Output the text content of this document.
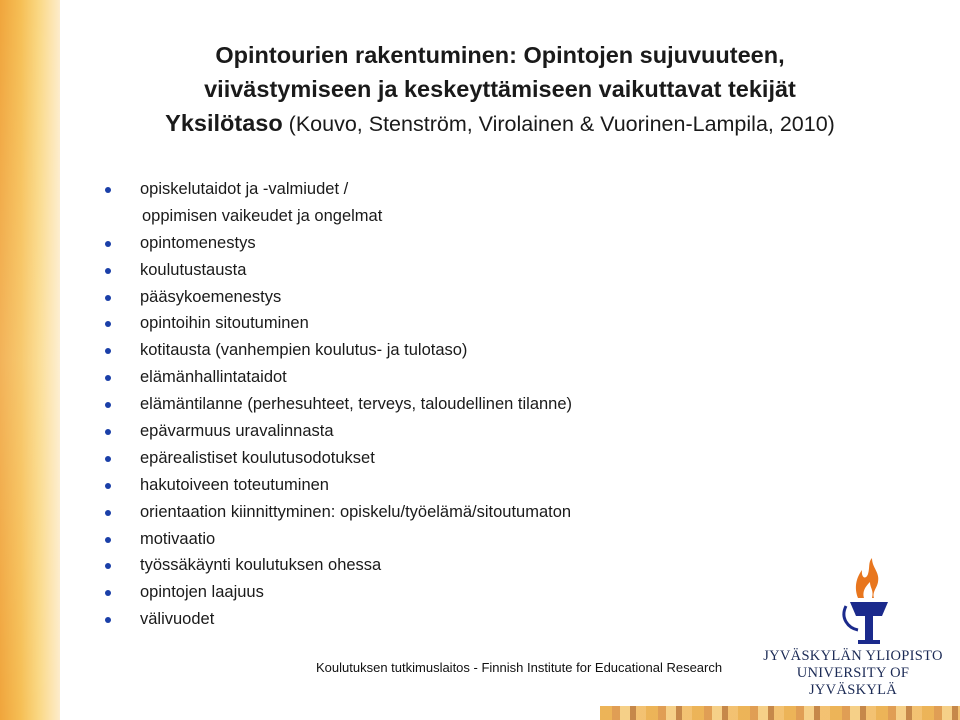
Opintourien rakentuminen: Opintojen sujuvuuteen,
viivästymiseen ja keskeyttämiseen vaikuttavat tekijät
Yksilötaso (Kouvo, Stenström, Virolainen & Vuorinen-Lampila, 2010)
opiskelutaidot ja -valmiudet /
oppimisen vaikeudet ja ongelmat
opintomenestys
koulutustausta
pääsykoemenestys
opintoihin sitoutuminen
kotitausta (vanhempien koulutus- ja tulotaso)
elämänhallintataidot
elämäntilanne (perhesuhteet, terveys, taloudellinen tilanne)
epävarmuus uravalinnasta
epärealistiset koulutusodotukset
hakutoiveen toteutuminen
orientaation kiinnittyminen: opiskelu/työelämä/sitoutumaton
motivaatio
työssäkäynti koulutuksen ohessa
opintojen laajuus
välivuodet
Koulutuksen tutkimuslaitos - Finnish Institute for Educational Research
JYVÄSKYLÄN YLIOPISTO
UNIVERSITY OF JYVÄSKYLÄ
